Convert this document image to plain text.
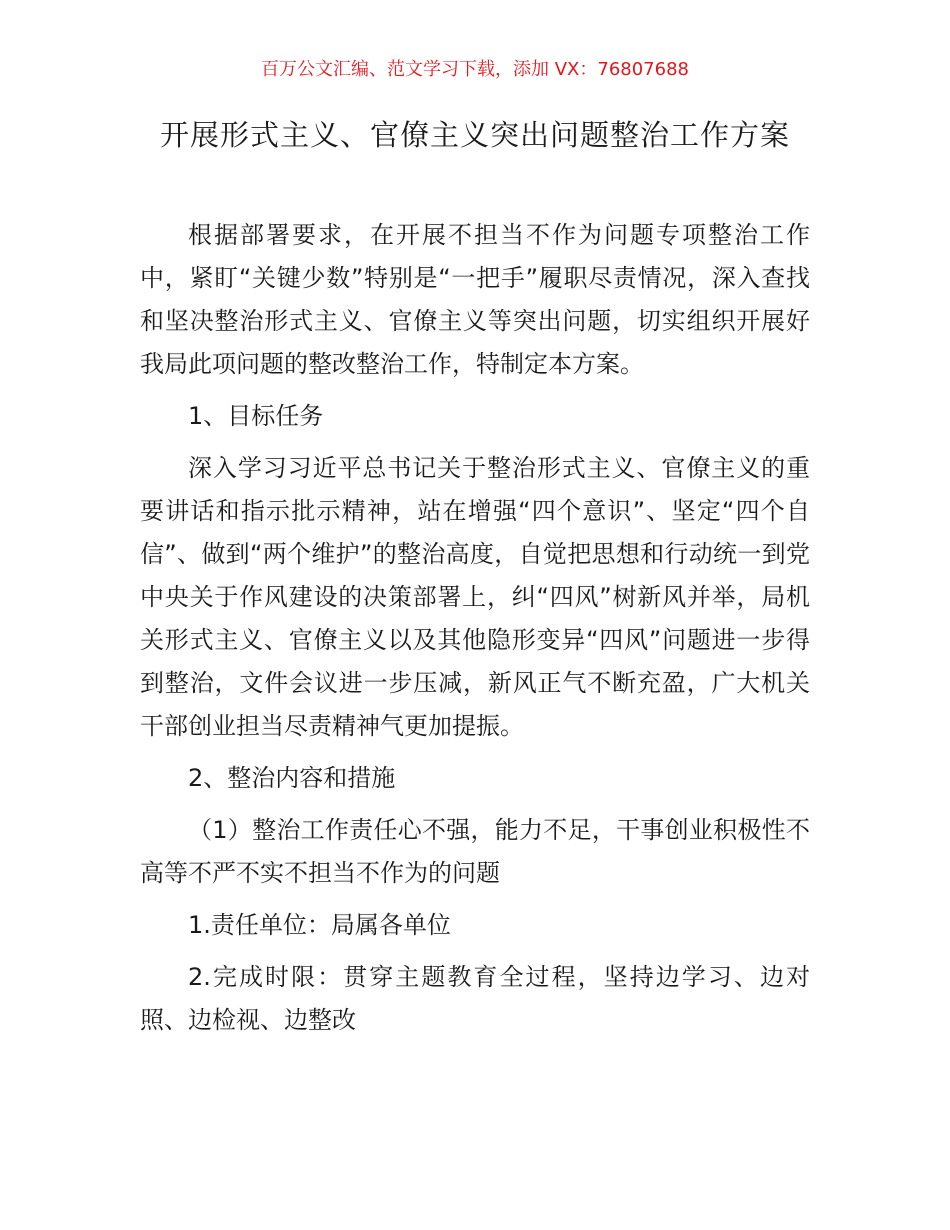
百万公文汇编、范文学习下载，添加 VX：76807688
开展形式主义、官僚主义突出问题整治工作方案

根据部署要求，在开展不担当不作为问题专项整治工作中，紧盯“关键少数”特别是“一把手”履职尽责情况，深入查找和坚决整治形式主义、官僚主义等突出问题，切实组织开展好我局此项问题的整改整治工作，特制定本方案。

1、目标任务

深入学习习近平总书记关于整治形式主义、官僚主义的重要讲话和指示批示精神，站在增强“四个意识”、坚定“四个自信”、做到“两个维护”的整治高度，自觉把思想和行动统一到党中央关于作风建设的决策部署上，纠“四风”树新风并举，局机关形式主义、官僚主义以及其他隐形变异“四风”问题进一步得到整治，文件会议进一步压减，新风正气不断充盈，广大机关干部创业担当尽责精神气更加提振。

2、整治内容和措施

（1）整治工作责任心不强，能力不足，干事创业积极性不高等不严不实不担当不作为的问题

1.责任单位：局属各单位

2.完成时限：贯穿主题教育全过程，坚持边学习、边对照、边检视、边整改
